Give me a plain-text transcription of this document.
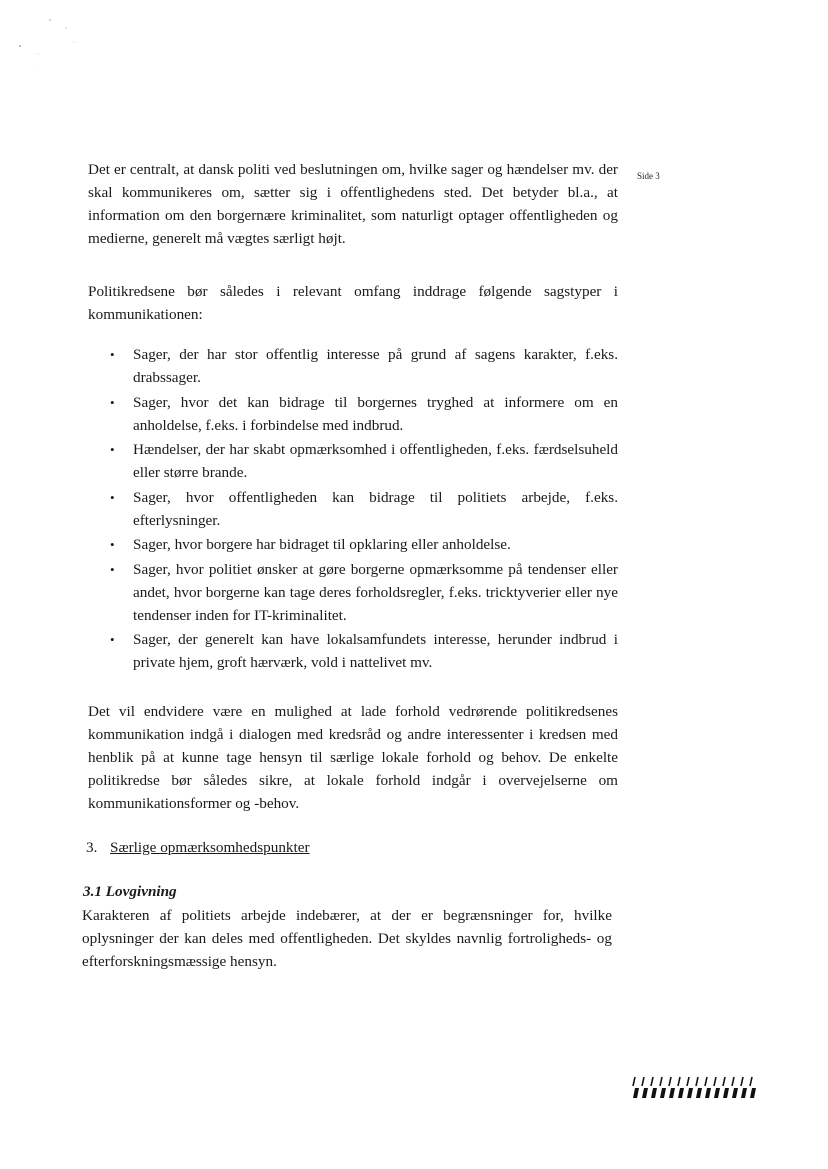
Side 3
Det er centralt, at dansk politi ved beslutningen om, hvilke sager og hændelser mv. der skal kommunikeres om, sætter sig i offentlighedens sted. Det betyder bl.a., at information om den borgernære kriminalitet, som naturligt optager offentligheden og medierne, generelt må vægtes særligt højt.
Politikredsene bør således i relevant omfang inddrage følgende sagstyper i kommunikationen:
• Sager, der har stor offentlig interesse på grund af sagens karakter, f.eks. drabssager.
• Sager, hvor det kan bidrage til borgernes tryghed at informere om en anholdelse, f.eks. i forbindelse med indbrud.
• Hændelser, der har skabt opmærksomhed i offentligheden, f.eks. færdselsuheld eller større brande.
• Sager, hvor offentligheden kan bidrage til politiets arbejde, f.eks. efterlysninger.
• Sager, hvor borgere har bidraget til opklaring eller anholdelse.
• Sager, hvor politiet ønsker at gøre borgerne opmærksomme på tendenser eller andet, hvor borgerne kan tage deres forholdsregler, f.eks. tricktyverier eller nye tendenser inden for IT-kriminalitet.
• Sager, der generelt kan have lokalsamfundets interesse, herunder indbrud i private hjem, groft hærværk, vold i nattelivet mv.
Det vil endvidere være en mulighed at lade forhold vedrørende politikredsenes kommunikation indgå i dialogen med kredsråd og andre interessenter i kredsen med henblik på at kunne tage hensyn til særlige lokale forhold og behov. De enkelte politikredse bør således sikre, at lokale forhold indgår i overvejelserne om kommunikationsformer og -behov.
3. Særlige opmærksomhedspunkter
3.1 Lovgivning
Karakteren af politiets arbejde indebærer, at der er begrænsninger for, hvilke oplysninger der kan deles med offentligheden. Det skyldes navnlig fortroligheds- og efterforskningsmæssige hensyn.
